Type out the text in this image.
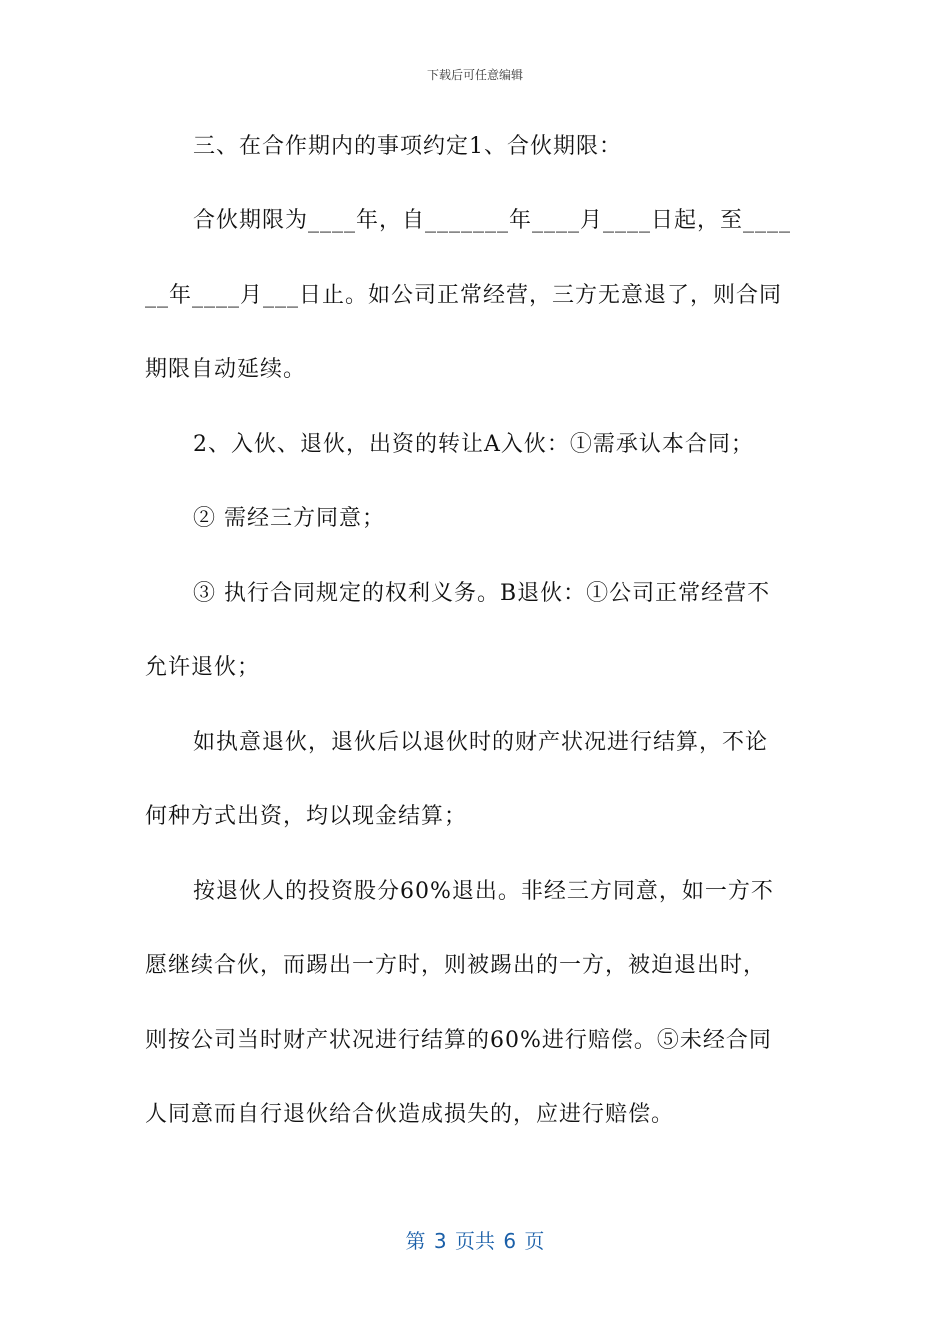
下载后可任意编辑
三、在合作期内的事项约定1、合伙期限：
合伙期限为____年，自_______年____月____日起，至____
__年____月___日止。如公司正常经营，三方无意退了，则合同
期限自动延续。
2、入伙、退伙，出资的转让A入伙：①需承认本合同；
② 需经三方同意；
③ 执行合同规定的权利义务。B退伙：①公司正常经营不
允许退伙；
如执意退伙，退伙后以退伙时的财产状况进行结算，不论
何种方式出资，均以现金结算；
按退伙人的投资股分60%退出。非经三方同意，如一方不
愿继续合伙，而踢出一方时，则被踢出的一方，被迫退出时，
则按公司当时财产状况进行结算的60%进行赔偿。⑤未经合同
人同意而自行退伙给合伙造成损失的，应进行赔偿。
第 3 页共 6 页
